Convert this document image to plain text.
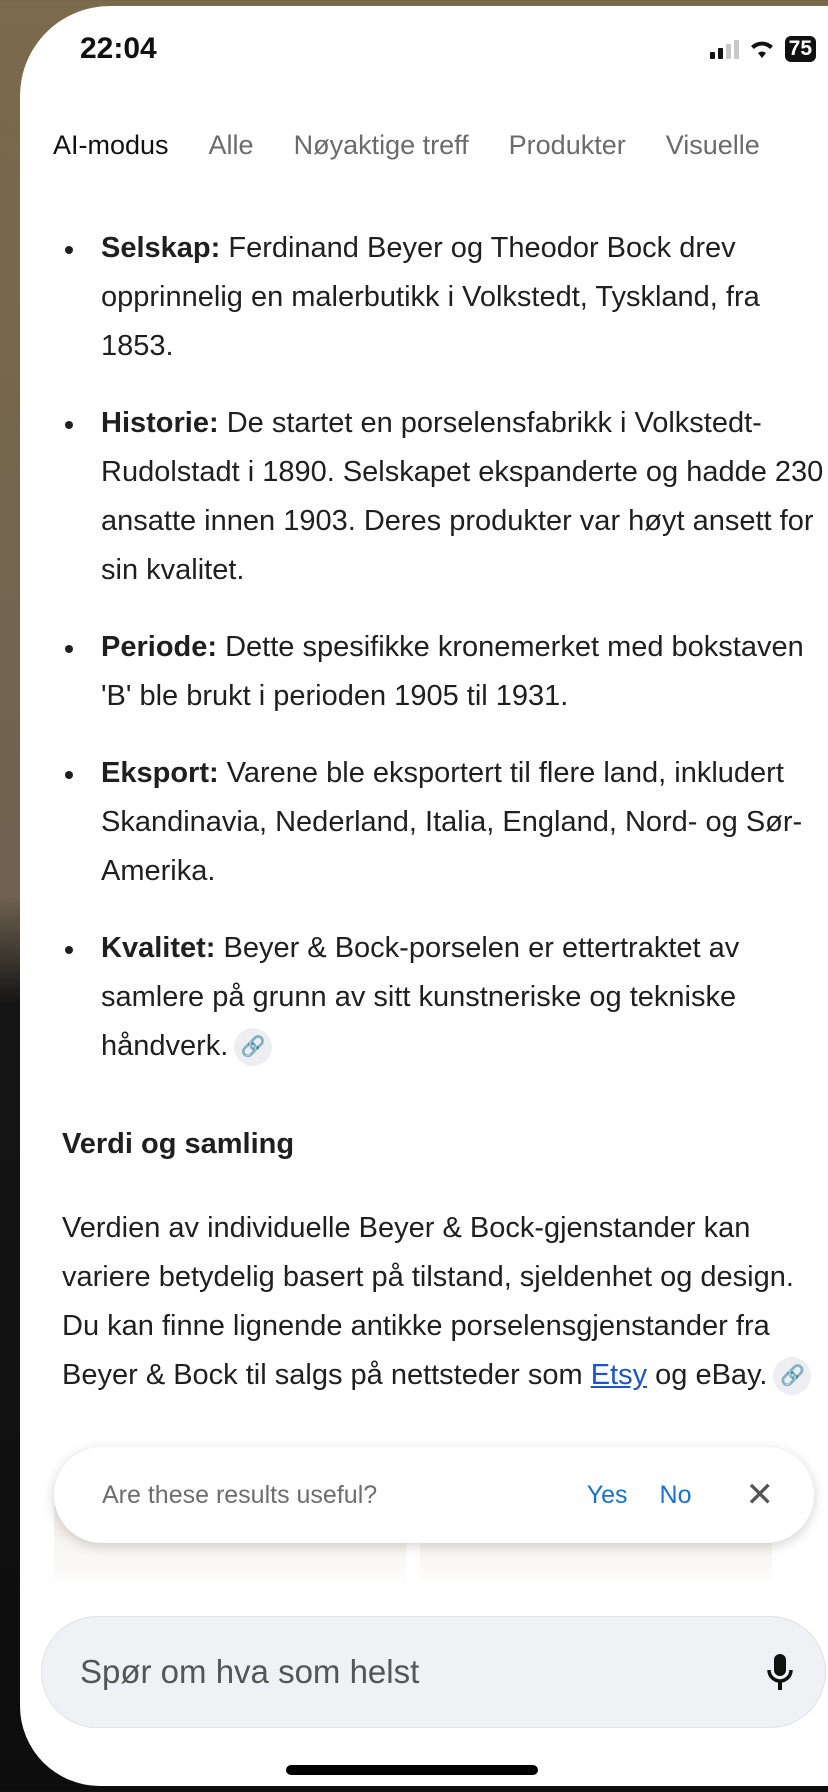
22:04	75
AI-modus Alle Nøyaktige treff Produkter Visuelle
Selskap: Ferdinand Beyer og Theodor Bock drev opprinnelig en malerbutikk i Volkstedt, Tyskland, fra 1853.
Historie: De startet en porselensfabrikk i Volkstedt-Rudolstadt i 1890. Selskapet ekspanderte og hadde 230 ansatte innen 1903. Deres produkter var høyt ansett for sin kvalitet.
Periode: Dette spesifikke kronemerket med bokstaven 'B' ble brukt i perioden 1905 til 1931.
Eksport: Varene ble eksportert til flere land, inkludert Skandinavia, Nederland, Italia, England, Nord- og Sør-Amerika.
Kvalitet: Beyer & Bock-porselen er ettertraktet av samlere på grunn av sitt kunstneriske og tekniske håndverk. 🔗
Verdi og samling
Verdien av individuelle Beyer & Bock-gjenstander kan variere betydelig basert på tilstand, sjeldenhet og design. Du kan finne lignende antikke porselensgjenstander fra Beyer & Bock til salgs på nettsteder som Etsy og eBay. 🔗
Are these results useful?	Yes No ✕
Spør om hva som helst
